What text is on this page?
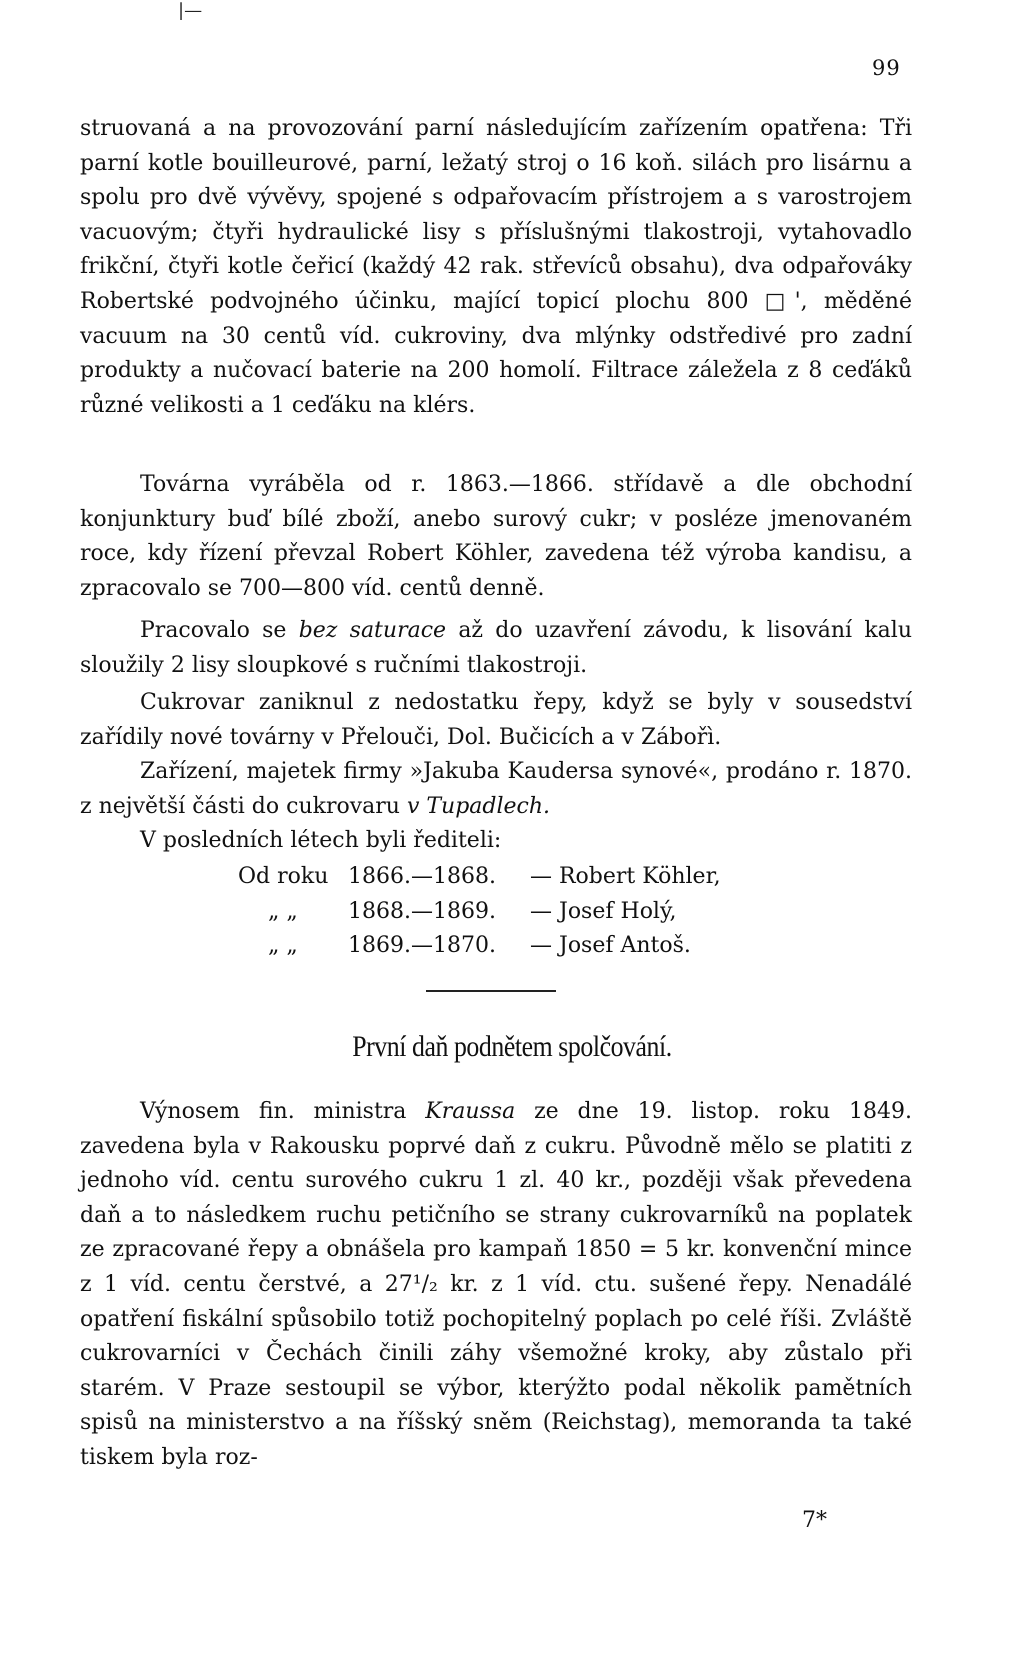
|—
99

struovaná a na provozování parní následujícím zařízením opatřena: Tři parní kotle bouilleurové, parní, ležatý stroj o 16 koň. silách pro lisárnu a spolu pro dvě vývěvy, spojené s odpařovacím přístrojem a s varostrojem vacuovým; čtyři hydraulické lisy s příslušnými tlakostroji, vytahovadlo frikční, čtyři kotle čeřicí (každý 42 rak. střevíců obsahu), dva odpařováky Robertské podvojného účinku, mající topicí plochu 800 □', měděné vacuum na 30 centů víd. cukroviny, dva mlýnky odstředivé pro zadní produkty a nučovací baterie na 200 homolí. Filtrace záležela z 8 ceďáků různé velikosti a 1 ceďáku na klérs.

Továrna vyráběla od r. 1863.—1866. střídavě a dle obchodní konjunktury buď bílé zboží, anebo surový cukr; v posléze jmenovaném roce, kdy řízení převzal Robert Köhler, zavedena též výroba kandisu, a zpracovalo se 700—800 víd. centů denně.

Pracovalo se bez saturace až do uzavření závodu, k lisování kalu sloužily 2 lisy sloupkové s ručními tlakostroji.

Cukrovar zaniknul z nedostatku řepy, když se byly v sousedství zařídily nové továrny v Přelouči, Dol. Bučicích a v Zábořì.

Zařízení, majetek firmy »Jakuba Kaudersa synové«, prodáno r. 1870. z největší části do cukrovaru v Tupadlech.

V posledních létech byli řediteli:

Od roku 1866.—1868.	— Robert Köhler,
„ „	1868.—1869.	— Josef Holý,
„ „	1869.—1870.	— Josef Antoš.
První daň podnětem spolčování.

Výnosem fin. ministra Kraussa ze dne 19. listop. roku 1849. zavedena byla v Rakousku poprvé daň z cukru. Původně mělo se platiti z jednoho víd. centu surového cukru 1 zl. 40 kr., později však převedena daň a to následkem ruchu petičního se strany cukrovarníků na poplatek ze zpracované řepy a obnášela pro kampaň 1850 = 5 kr. konvenční mince z 1 víd. centu čerstvé, a 27¹/₂ kr. z 1 víd. ctu. sušené řepy. Nenadálé opatření fiskální spůsobilo totiž pochopitelný poplach po celé říši. Zvláště cukrovarníci v Čechách činili záhy všemožné kroky, aby zůstalo při starém. V Praze sestoupil se výbor, kterýžto podal několik pamětních spisů na ministerstvo a na říšský sněm (Reichstag), memoranda ta také tiskem byla roz-

7*
